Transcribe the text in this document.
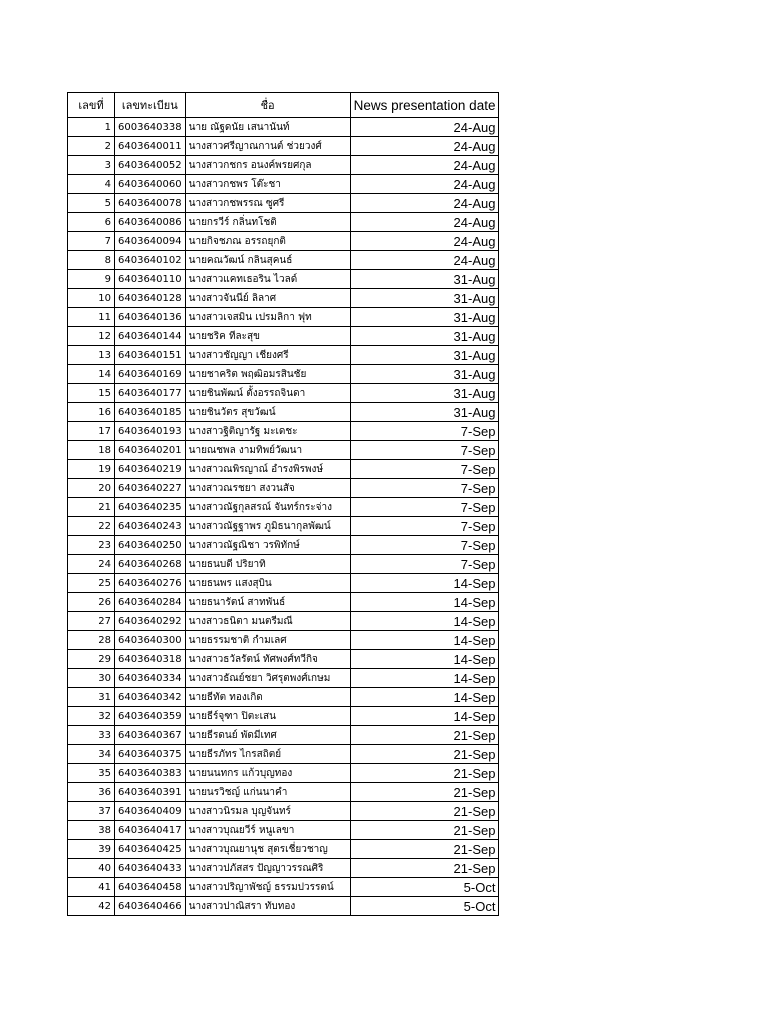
เลขที่	เลขทะเบียน	ชื่อ	News presentation date
1	6003640338	นาย ณัฐดนัย เสนานันท์	24-Aug
2	6403640011	นางสาวศรีญาณกานต์ ช่วยวงศ์	24-Aug
3	6403640052	นางสาวกชกร อนงค์พรยศกุล	24-Aug
4	6403640060	นางสาวกชพร โต๊ะชา	24-Aug
5	6403640078	นางสาวกชพรรณ ซูศรี	24-Aug
6	6403640086	นายกรวีร์ กลิ่นทโชติ	24-Aug
7	6403640094	นายกิจชภณ อรรถยุกติ	24-Aug
8	6403640102	นายคณวัฒน์ กลินสุคนธ์	24-Aug
9	6403640110	นางสาวแคทเธอริน ไวลด์	31-Aug
10	6403640128	นางสาวจันนีย์ ลิลาศ	31-Aug
11	6403640136	นางสาวเจสมิน เปรมลิกา ฟุท	31-Aug
12	6403640144	นายชริค ทีละสุข	31-Aug
13	6403640151	นางสาวชัญญา เชียงศรี	31-Aug
14	6403640169	นายชาคริต พฤฒิอมรสินชัย	31-Aug
15	6403640177	นายชินพัฒน์ ตั้งอรรถจินดา	31-Aug
16	6403640185	นายชินวัตร สุขวัฒน์	31-Aug
17	6403640193	นางสาวฐิติญารัฐ มะเดชะ	7-Sep
18	6403640201	นายณชพล งามทิพย์วัฒนา	7-Sep
19	6403640219	นางสาวณพิรญาณ์ อำรงพิรพงษ์	7-Sep
20	6403640227	นางสาวณรชยา สงวนสัจ	7-Sep
21	6403640235	นางสาวณัฐกุลสรณ์ จันทร์กระจ่าง	7-Sep
22	6403640243	นางสาวณัฐฐาพร ภูมิธนากุลพัฒน์	7-Sep
23	6403640250	นางสาวณัฐณิชา วรพิทักษ์	7-Sep
24	6403640268	นายธนบดี ปริยาทิ	7-Sep
25	6403640276	นายธนพร แสงสุบิน	14-Sep
26	6403640284	นายธนารัตน์ สาทพันธ์	14-Sep
27	6403640292	นางสาวธนิตา มนตรีมณี	14-Sep
28	6403640300	นายธรรมชาติ กำมเลศ	14-Sep
29	6403640318	นางสาวธวัลรัตน์ ทัศพงศ์ทวีกิจ	14-Sep
30	6403640334	นางสาวธัณย์ชยา วิศรุตพงศ์เกษม	14-Sep
31	6403640342	นายธีทัต ทองเกิด	14-Sep
32	6403640359	นายธีร์จุฑา ปิตะเสน	14-Sep
33	6403640367	นายธีรดนย์ พัดมีเทศ	21-Sep
34	6403640375	นายธีรภัทร ไกรสถิตย์	21-Sep
35	6403640383	นายนนทกร แก้วบุญทอง	21-Sep
36	6403640391	นายนรวิชญ์ แก่นนาคำ	21-Sep
37	6403640409	นางสาวนิรมล บุญจันทร์	21-Sep
38	6403640417	นางสาวบุณยวีร์ หนูเลขา	21-Sep
39	6403640425	นางสาวบุณยานุช สุตรเชี่ยวชาญ	21-Sep
40	6403640433	นางสาวปภัสสร ปัญญาวรรณศิริ	21-Sep
41	6403640458	นางสาวปริญาพัชญ์ ธรรมปวรรตน์	5-Oct
42	6403640466	นางสาวปาณิสรา ทับทอง	5-Oct
